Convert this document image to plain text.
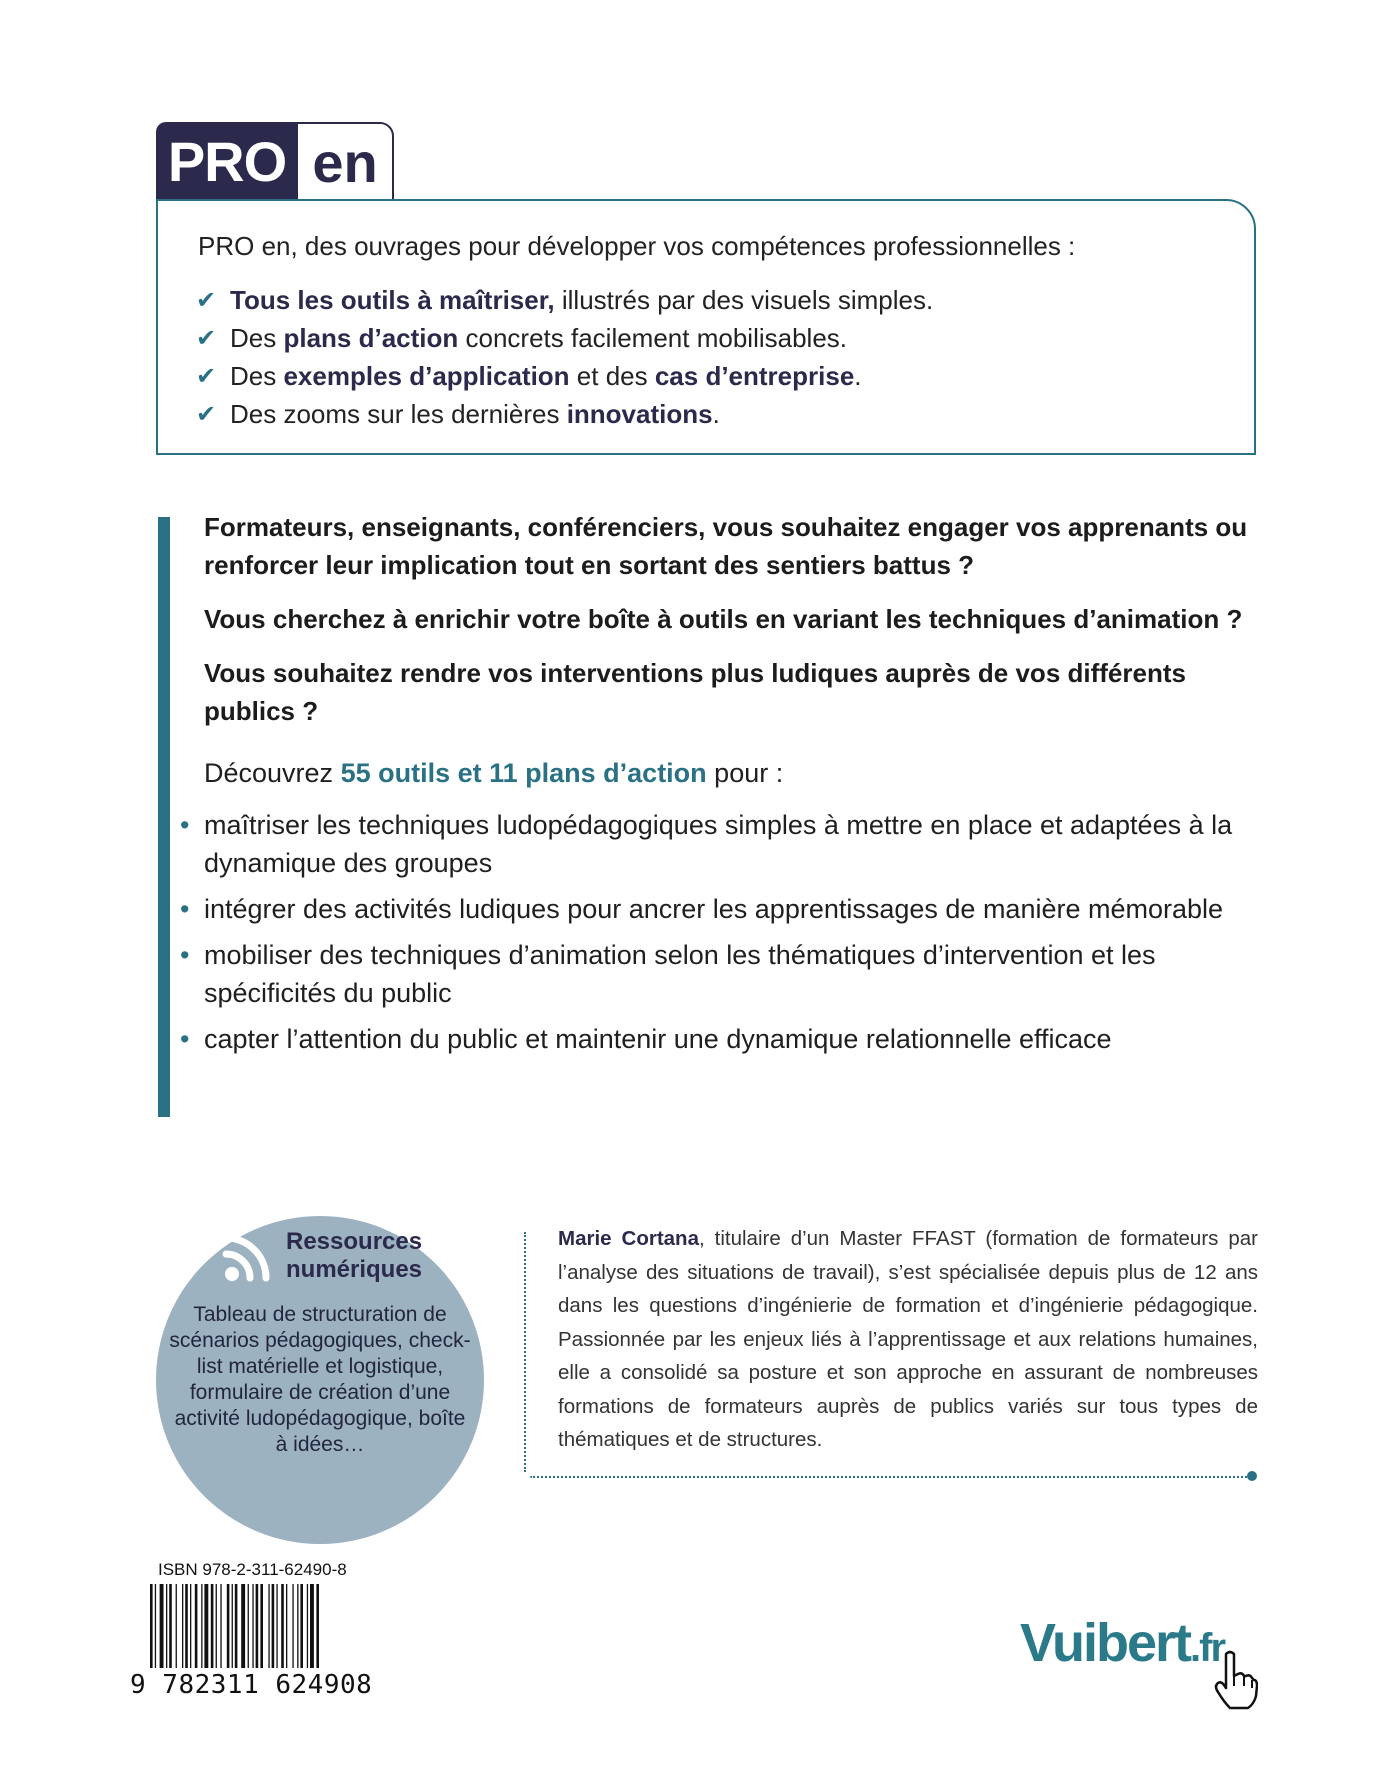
PRO en
PRO en, des ouvrages pour développer vos compétences professionnelles :
✔ Tous les outils à maîtriser, illustrés par des visuels simples.
✔ Des plans d’action concrets facilement mobilisables.
✔ Des exemples d’application et des cas d’entreprise.
✔ Des zooms sur les dernières innovations.

Formateurs, enseignants, conférenciers, vous souhaitez engager vos apprenants ou renforcer leur implication tout en sortant des sentiers battus ?

Vous cherchez à enrichir votre boîte à outils en variant les techniques d’animation ?

Vous souhaitez rendre vos interventions plus ludiques auprès de vos différents publics ?

Découvrez 55 outils et 11 plans d’action pour :

• maîtriser les techniques ludopédagogiques simples à mettre en place et adaptées à la dynamique des groupes
• intégrer des activités ludiques pour ancrer les apprentissages de manière mémorable
• mobiliser des techniques d’animation selon les thématiques d’intervention et les spécificités du public
• capter l’attention du public et maintenir une dynamique relationnelle efficace
Ressources
numériques
Tableau de structuration de scénarios pédagogiques, check-list matérielle et logistique, formulaire de création d’une activité ludopédagogique, boîte à idées…
Marie Cortana, titulaire d’un Master FFAST (formation de formateurs par l’analyse des situations de travail), s’est spécialisée depuis plus de 12 ans dans les questions d’ingénierie de formation et d’ingénierie pédagogique. Passionnée par les enjeux liés à l’apprentissage et aux relations humaines, elle a consolidé sa posture et son approche en assurant de nombreuses formations de formateurs auprès de publics variés sur tous types de thématiques et de structures.
ISBN 978-2-311-62490-8
9 782311 624908
Vuibert.fr
